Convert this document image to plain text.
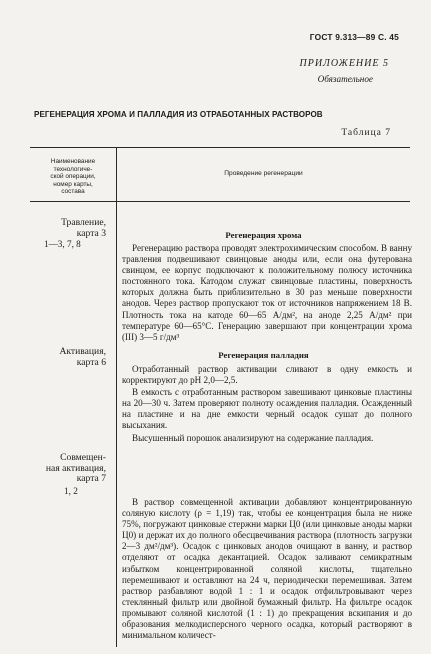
ГОСТ 9.313—89 С. 45
ПРИЛОЖЕНИЕ 5
Обязательное
РЕГЕНЕРАЦИЯ ХРОМА И ПАЛЛАДИЯ ИЗ ОТРАБОТАННЫХ РАСТВОРОВ
Таблица 7
Наименование
технологиче-
ской операции,
номер карты,
состава
Проведение регенерации
Травление,
карта 3
1—3, 7, 8
Регенерация хрома

Регенерацию раствора проводят электрохимическим способом. В ванну травления подвешивают свинцовые аноды или, если она футерована свинцом, ее корпус подключают к положительному полюсу источника постоянного тока. Катодом служат свинцовые пластины, поверхность которых должна быть приблизительно в 30 раз меньше поверхности анодов. Через раствор пропускают ток от источников напряжением 18 В. Плотность тока на катоде 60—65 А/дм², на аноде 2,25 А/дм² при температуре 60—65°С. Генерацию завершают при концентрации хрома (III) 3—5 г/дм³

Активация,
карта 6
Регенерация палладия

Отработанный раствор активации сливают в одну емкость и корректируют до рН 2,0—2,5.

В емкость с отработанным раствором завешивают цинковые пластины на 20—30 ч. Затем проверяют полноту осаждения палладия. Осажденный на пластине и на дне емкости черный осадок сушат до полного высыхания.

Высушенный порошок анализируют на содержание палладия.

Совмещен-
ная активация,
карта 7
1, 2

В раствор совмещенной активации добавляют концентрированную соляную кислоту (ρ = 1,19) так, чтобы ее концентрация была не ниже 75%, погружают цинковые стержни марки Ц0 (или цинковые аноды марки Ц0) и держат их до полного обесцвечивания раствора (плотность загрузки 2—3 дм²/дм³). Осадок с цинковых анодов очищают в ванну, и раствор отделяют от осадка декантацией. Осадок заливают семикратным избытком концентрированной соляной кислоты, тщательно перемешивают и оставляют на 24 ч, периодически перемешивая. Затем раствор разбавляют водой 1 : 1 и осадок отфильтровывают через стеклянный фильтр или двойной бумажный фильтр. На фильтре осадок промывают соляной кислотой (1 : 1) до прекращения вскипания и до образования мелкодисперсного черного осадка, который растворяют в минимальном количест-
